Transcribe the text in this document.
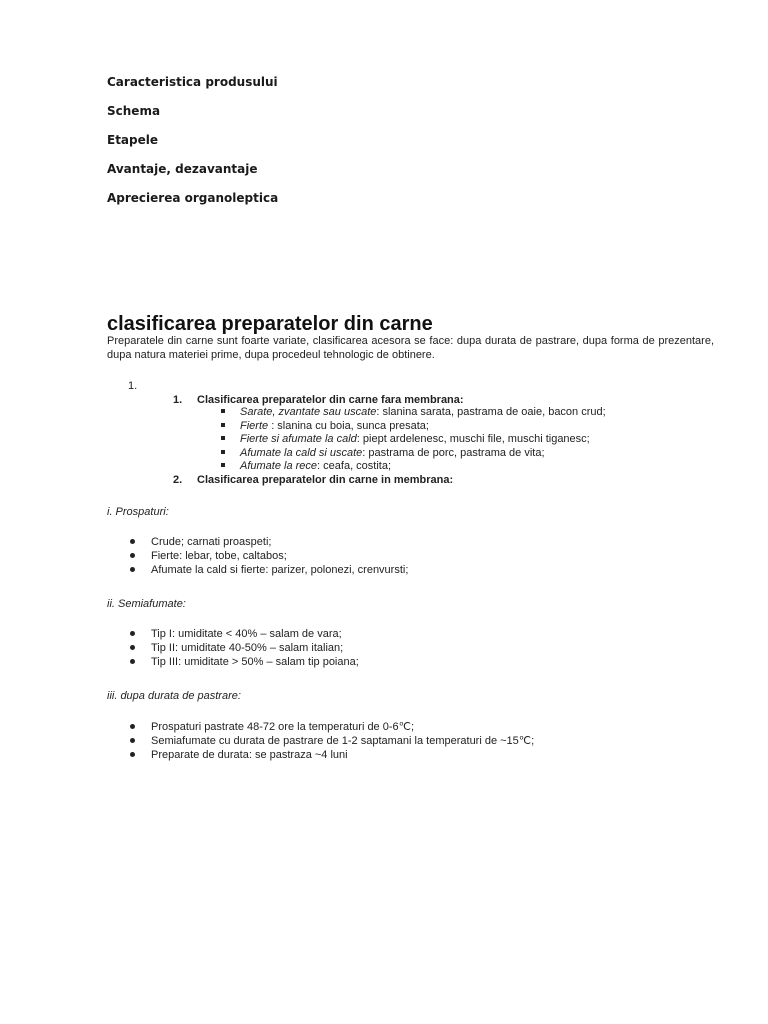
Caracteristica produsului
Schema
Etapele
Avantaje, dezavantaje
Aprecierea organoleptica
clasificarea preparatelor din carne

Preparatele din carne sunt foarte variate, clasificarea acesora se face: dupa durata de pastrare, dupa forma de prezentare, dupa natura materiei prime, dupa procedeul tehnologic de obtinere.

1.
1. Clasificarea preparatelor din carne fara membrana:
Sarate, zvantate sau uscate: slanina sarata, pastrama de oaie, bacon crud;
Fierte : slanina cu boia, sunca presata;
Fierte si afumate la cald: piept ardelenesc, muschi file, muschi tiganesc;
Afumate la cald si uscate: pastrama de porc, pastrama de vita;
Afumate la rece: ceafa, costita;
2. Clasificarea preparatelor din carne in membrana:
i. Prospaturi:
Crude; carnati proaspeti;
Fierte: lebar, tobe, caltabos;
Afumate la cald si fierte: parizer, polonezi, crenvursti;
ii. Semiafumate:
Tip I: umiditate < 40% – salam de vara;
Tip II: umiditate 40-50% – salam italian;
Tip III: umiditate > 50% – salam tip poiana;
iii. dupa durata de pastrare:
Prospaturi pastrate 48-72 ore la temperaturi de 0-6℃;
Semiafumate cu durata de pastrare de 1-2 saptamani la temperaturi de ~15℃;
Preparate de durata: se pastraza ~4 luni
